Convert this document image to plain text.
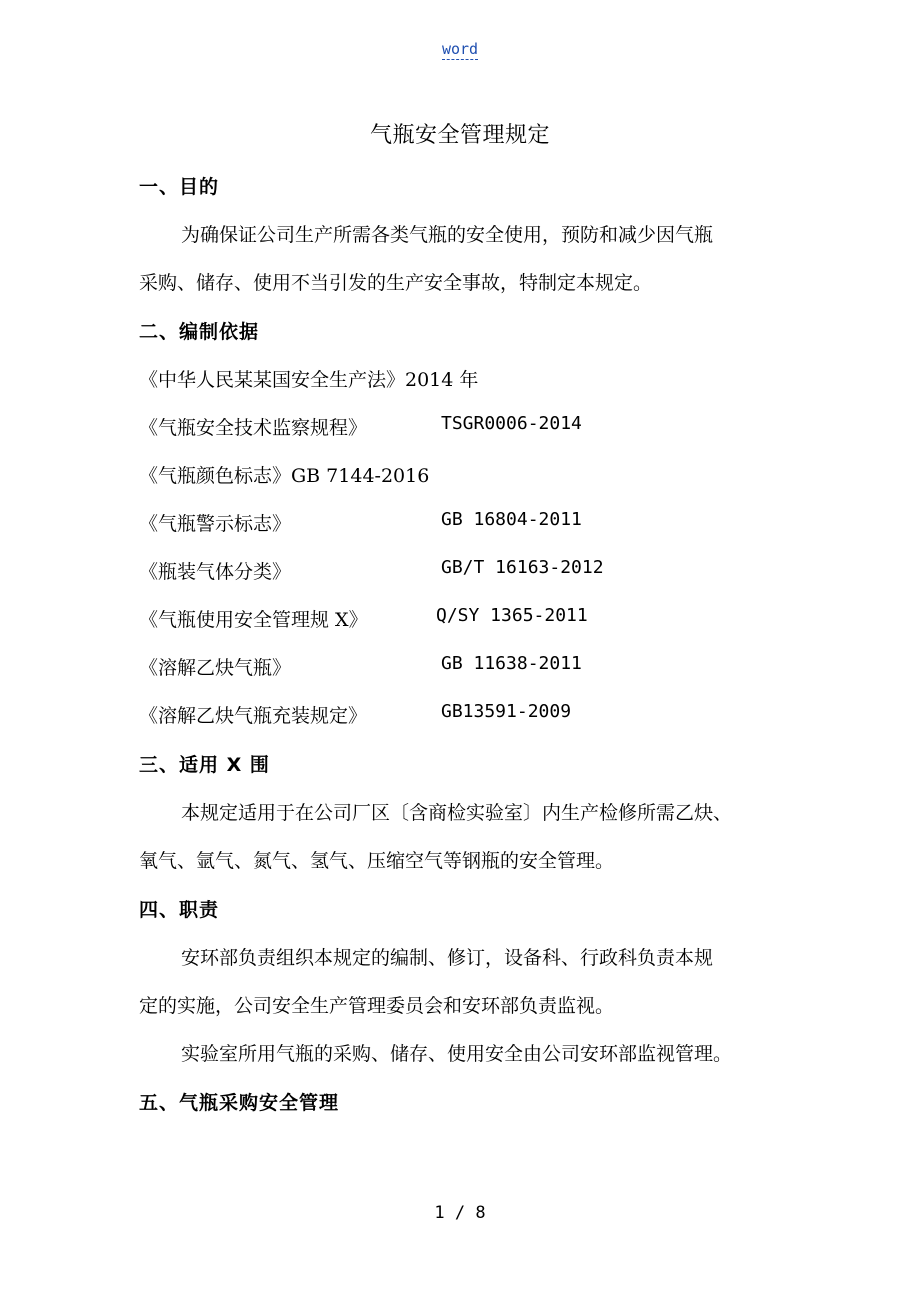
word
气瓶安全管理规定
一、目的
为确保证公司生产所需各类气瓶的安全使用，预防和减少因气瓶
采购、储存、使用不当引发的生产安全事故，特制定本规定。
二、编制依据
《中华人民某某国安全生产法》2014 年
《气瓶安全技术监察规程》	TSGR0006-2014
《气瓶颜色标志》GB 7144-2016
《气瓶警示标志》	GB 16804-2011
《瓶装气体分类》	GB/T 16163-2012
《气瓶使用安全管理规 X》	Q/SY 1365-2011
《溶解乙炔气瓶》	GB 11638-2011
《溶解乙炔气瓶充装规定》	GB13591-2009
三、适用 X 围
本规定适用于在公司厂区〔含商检实验室〕内生产检修所需乙炔、
氧气、氩气、氮气、氢气、压缩空气等钢瓶的安全管理。
四、职责
安环部负责组织本规定的编制、修订，设备科、行政科负责本规
定的实施，公司安全生产管理委员会和安环部负责监视。
实验室所用气瓶的采购、储存、使用安全由公司安环部监视管理。
五、气瓶采购安全管理
1 / 8
